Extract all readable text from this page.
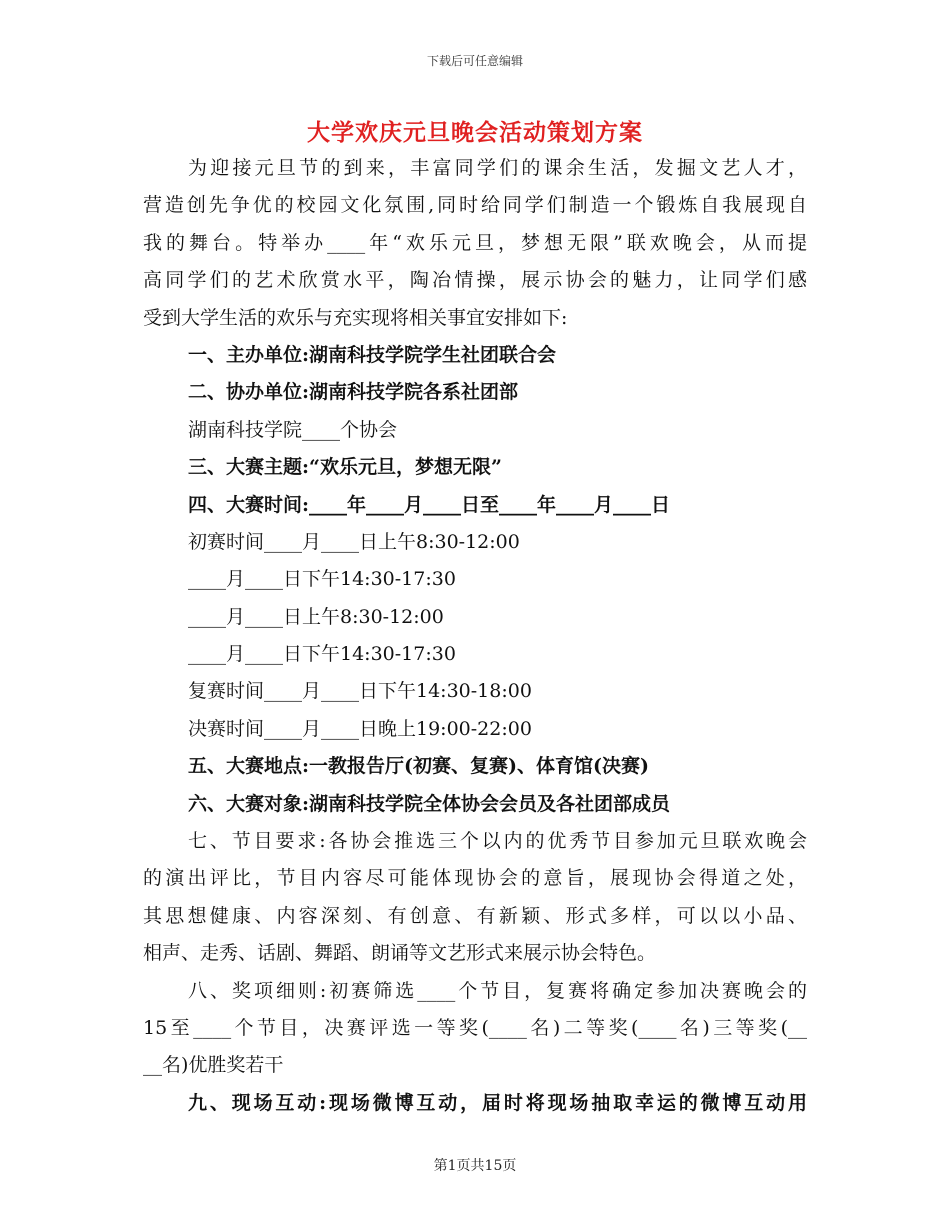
下载后可任意编辑
大学欢庆元旦晚会活动策划方案
为迎接元旦节的到来，丰富同学们的课余生活，发掘文艺人才，
营造创先争优的校园文化氛围,同时给同学们制造一个锻炼自我展现自
我的舞台。特举办____年“欢乐元旦，梦想无限”联欢晚会，从而提
高同学们的艺术欣赏水平，陶冶情操，展示协会的魅力，让同学们感
受到大学生活的欢乐与充实现将相关事宜安排如下:
一、主办单位:湖南科技学院学生社团联合会
二、协办单位:湖南科技学院各系社团部
湖南科技学院____个协会
三、大赛主题:“欢乐元旦，梦想无限”
四、大赛时间:____年____月____日至____年____月____日
初赛时间____月____日上午8:30-12:00
____月____日下午14:30-17:30
____月____日上午8:30-12:00
____月____日下午14:30-17:30
复赛时间____月____日下午14:30-18:00
决赛时间____月____日晚上19:00-22:00
五、大赛地点:一教报告厅(初赛、复赛)、体育馆(决赛)
六、大赛对象:湖南科技学院全体协会会员及各社团部成员
七、节目要求:各协会推选三个以内的优秀节目参加元旦联欢晚会
的演出评比，节目内容尽可能体现协会的意旨，展现协会得道之处，
其思想健康、内容深刻、有创意、有新颖、形式多样，可以以小品、
相声、走秀、话剧、舞蹈、朗诵等文艺形式来展示协会特色。
八、奖项细则:初赛筛选____个节目，复赛将确定参加决赛晚会的
15至____个节目，决赛评选一等奖(____名)二等奖(____名)三等奖(__
__名)优胜奖若干
九、现场互动:现场微博互动，届时将现场抽取幸运的微博互动用
第1页共15页
